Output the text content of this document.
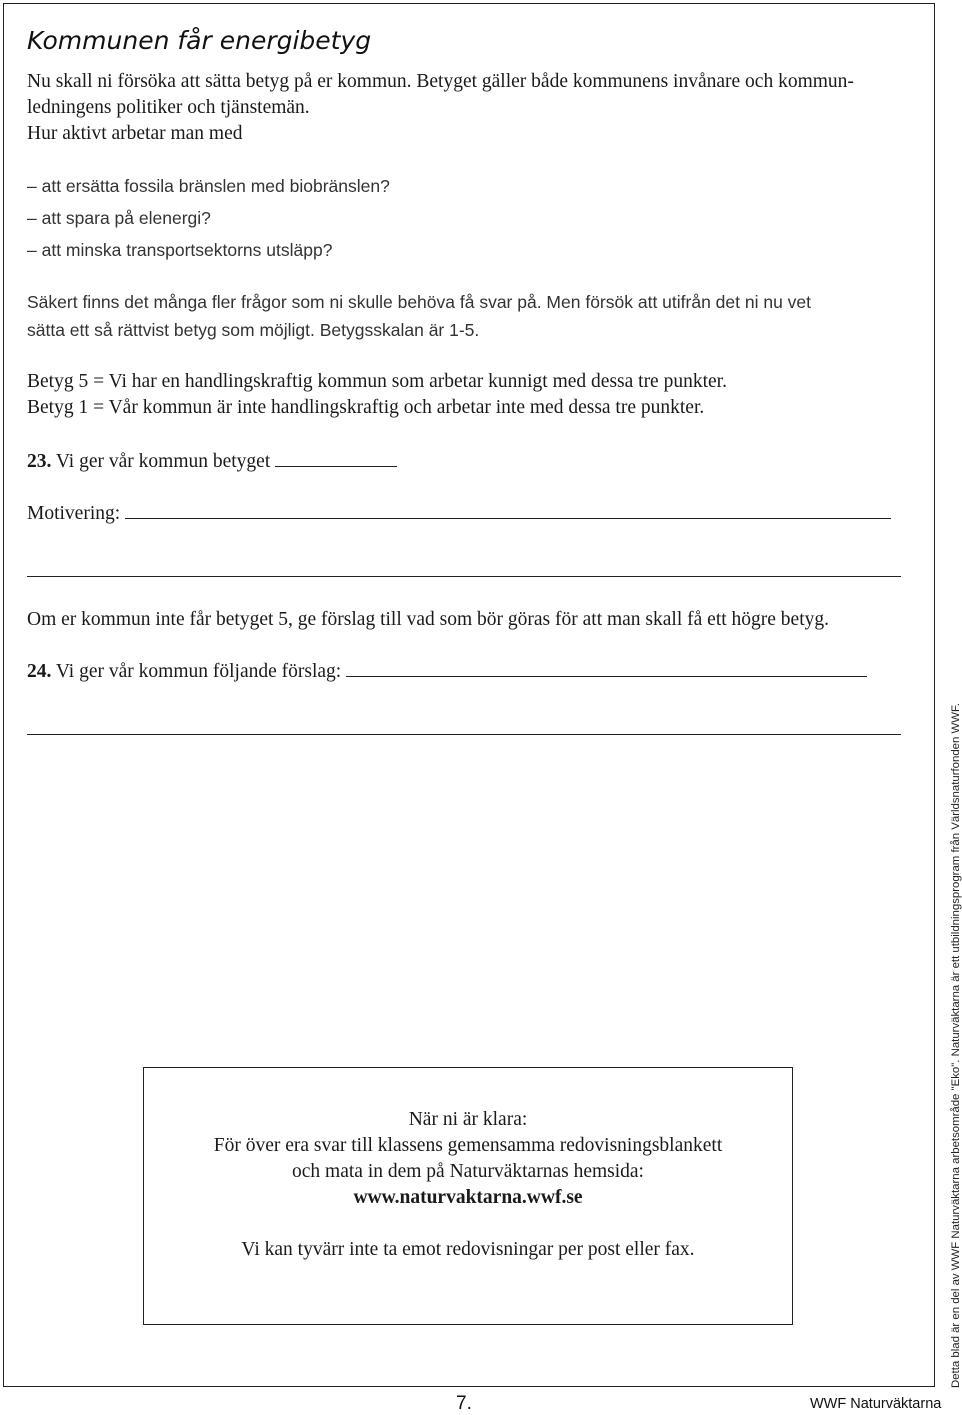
Kommunen får energibetyg
Nu skall ni försöka att sätta betyg på er kommun. Betyget gäller både kommunens invånare och kommun-
ledningens politiker och tjänstemän.
Hur aktivt arbetar man med
– att ersätta fossila bränslen med biobränslen?
– att spara på elenergi?
– att minska transportsektorns utsläpp?
Säkert finns det många fler frågor som ni skulle behöva få svar på. Men försök att utifrån det ni nu vet
sätta ett så rättvist betyg som möjligt. Betygsskalan är 1-5.
Betyg 5 = Vi har en handlingskraftig kommun som arbetar kunnigt med dessa tre punkter.
Betyg 1 = Vår kommun är inte handlingskraftig och arbetar inte med dessa tre punkter.
23. Vi ger vår kommun betyget
Motivering:
Om er kommun inte får betyget 5, ge förslag till vad som bör göras för att man skall få ett högre betyg.
24. Vi ger vår kommun följande förslag:
När ni är klara:
För över era svar till klassens gemensamma redovisningsblankett
och mata in dem på Naturväktarnas hemsida:
www.naturvaktarna.wwf.se
Vi kan tyvärr inte ta emot redovisningar per post eller fax.	Detta blad är en del av WWF Naturväktarna arbetsområde "Eko". Naturväktarna är ett utbildningsprogram från Världsnaturfonden WWF.
7.	WWF Naturväktarna
